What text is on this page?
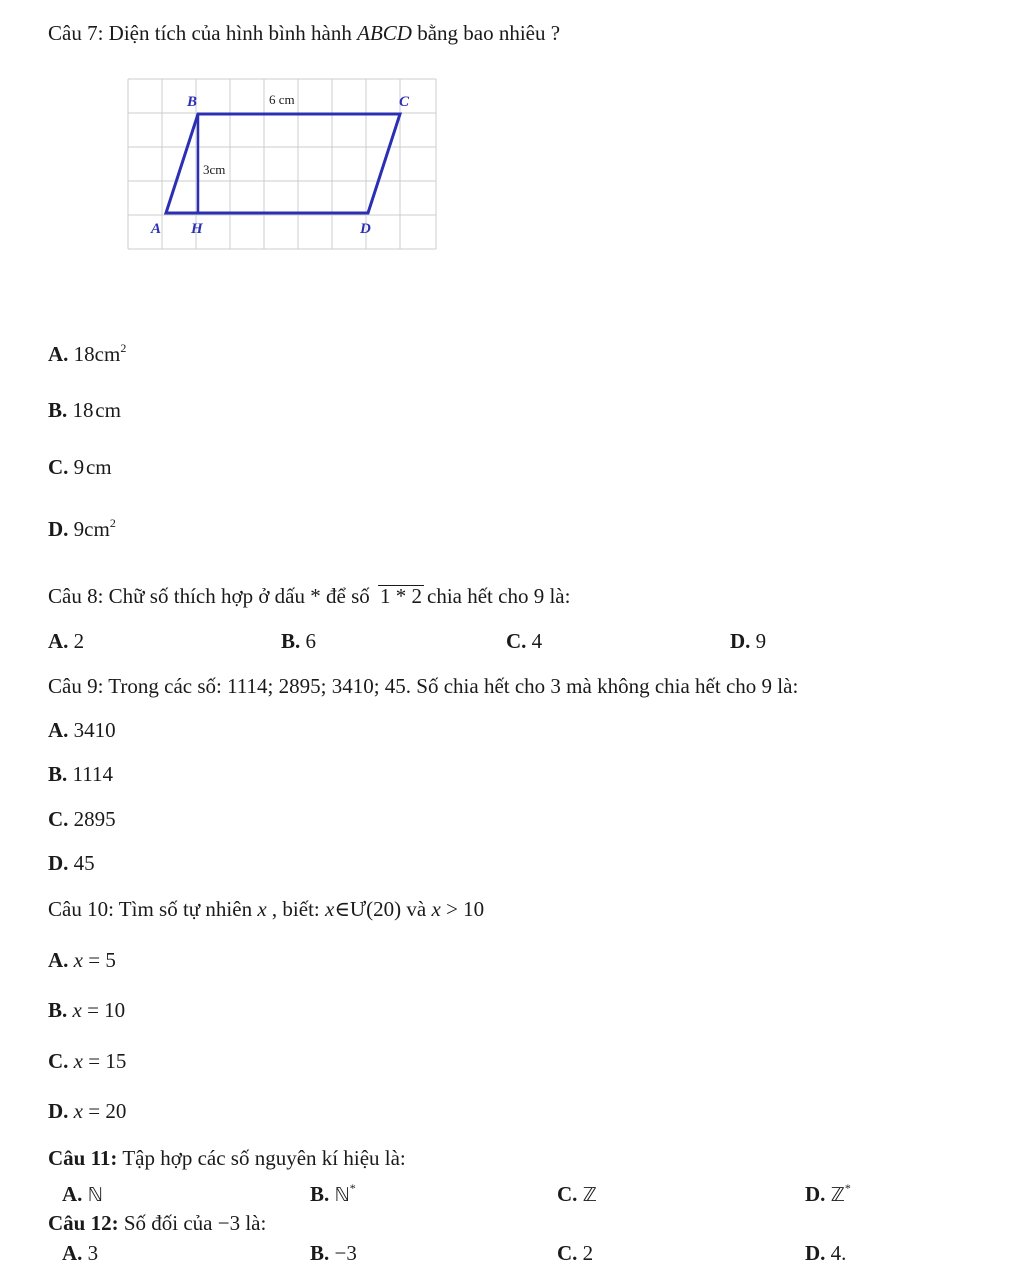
Câu 7: Diện tích của hình bình hành ABCD bằng bao nhiêu ?
B	C
A H	D
6 cm
3cm
A. $18cm^2$
B. 18 cm
C. 9 cm
D. $9cm^2$
Câu 8: Chữ số thích hợp ở dấu * để số 1 * 2 chia hết cho 9 là:
A. 2	B. 6	C. 4	D. 9
Câu 9: Trong các số: 1114; 2895; 3410; 45. Số chia hết cho 3 mà không chia hết cho 9 là:
A. 3410
B. 1114
C. 2895
D. 45
Câu 10: Tìm số tự nhiên x , biết: x∈Ư(20) và x > 10
A. x = 5
B. x = 10
C. x = 15
D. x = 20
Câu 11: Tập hợp các số nguyên kí hiệu là:
A. ℕ	B. ℕ*	C. ℤ	D. ℤ*
Câu 12: Số đối của −3 là:
A. 3	B. −3	C. 2	D. 4.
